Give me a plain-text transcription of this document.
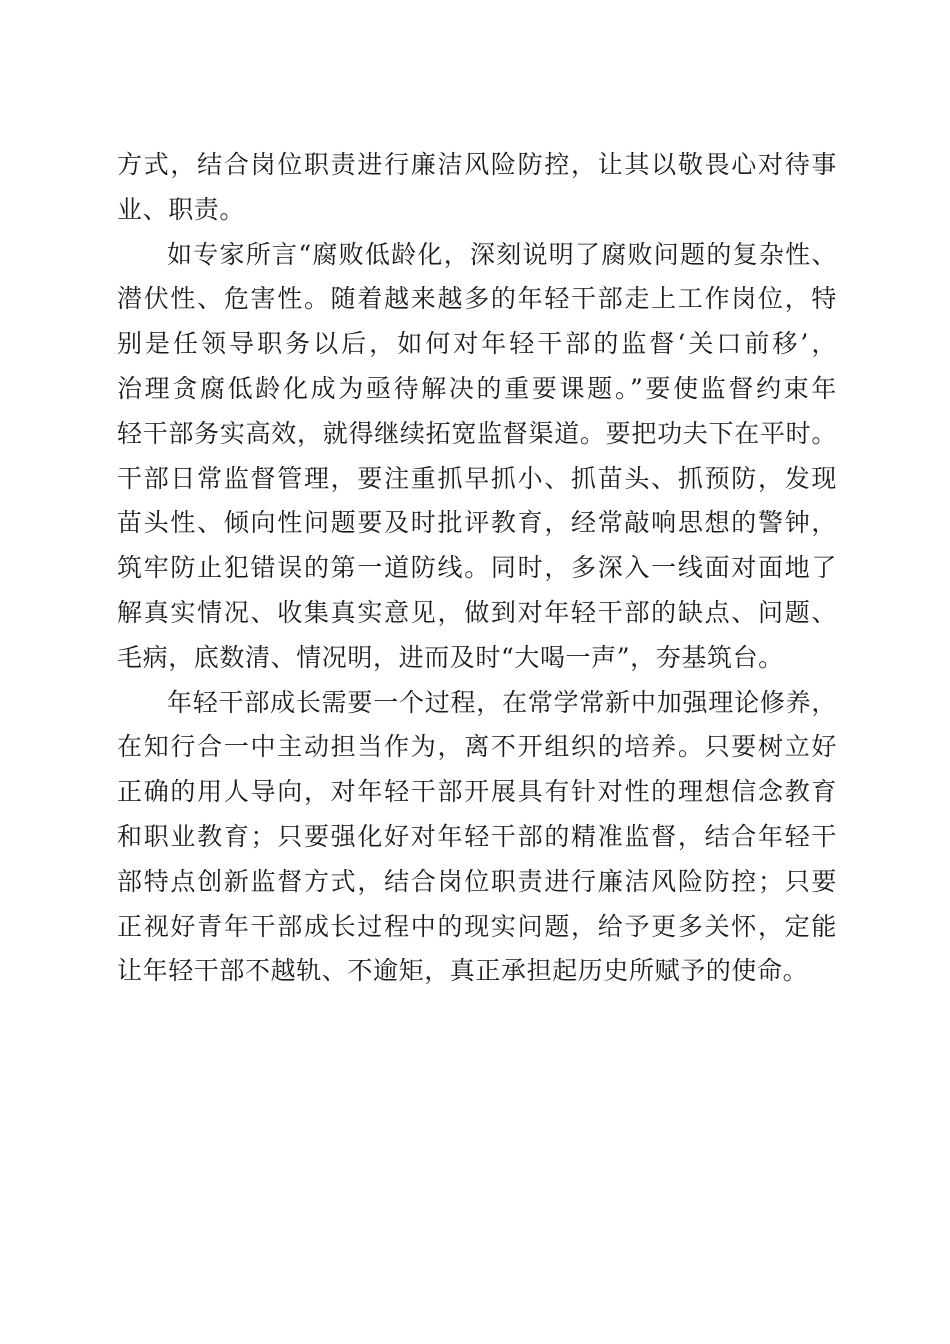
方式，结合岗位职责进行廉洁风险防控，让其以敬畏心对待事
业、职责。
如专家所言“腐败低龄化，深刻说明了腐败问题的复杂性、
潜伏性、危害性。随着越来越多的年轻干部走上工作岗位，特
别是任领导职务以后，如何对年轻干部的监督‘关口前移’，
治理贪腐低龄化成为亟待解决的重要课题。”要使监督约束年
轻干部务实高效，就得继续拓宽监督渠道。要把功夫下在平时。
干部日常监督管理，要注重抓早抓小、抓苗头、抓预防，发现
苗头性、倾向性问题要及时批评教育，经常敲响思想的警钟，
筑牢防止犯错误的第一道防线。同时，多深入一线面对面地了
解真实情况、收集真实意见，做到对年轻干部的缺点、问题、
毛病，底数清、情况明，进而及时“大喝一声”，夯基筑台。
年轻干部成长需要一个过程，在常学常新中加强理论修养，
在知行合一中主动担当作为，离不开组织的培养。只要树立好
正确的用人导向，对年轻干部开展具有针对性的理想信念教育
和职业教育；只要强化好对年轻干部的精准监督，结合年轻干
部特点创新监督方式，结合岗位职责进行廉洁风险防控；只要
正视好青年干部成长过程中的现实问题，给予更多关怀，定能
让年轻干部不越轨、不逾矩，真正承担起历史所赋予的使命。
